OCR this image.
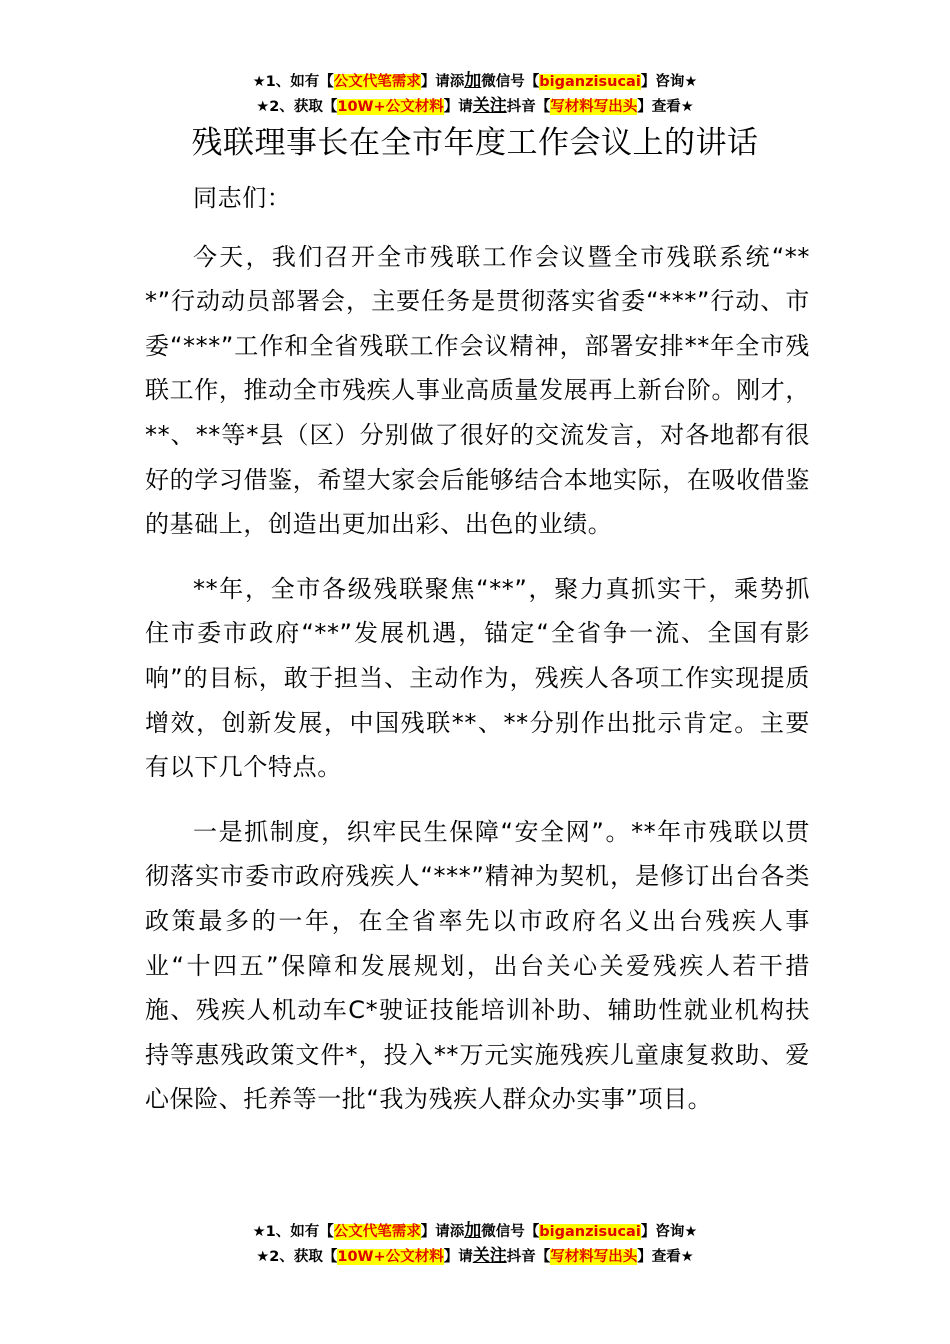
★1、如有【公文代笔需求】请添加微信号【biganzisucai】咨询★
★2、获取【10W+公文材料】请关注抖音【写材料写出头】查看★
残联理事长在全市年度工作会议上的讲话

同志们：

今天，我们召开全市残联工作会议暨全市残联系统“***”行动动员部署会，主要任务是贯彻落实省委“***”行动、市委“***”工作和全省残联工作会议精神，部署安排**年全市残联工作，推动全市残疾人事业高质量发展再上新台阶。刚才，**、**等*县（区）分别做了很好的交流发言，对各地都有很好的学习借鉴，希望大家会后能够结合本地实际，在吸收借鉴的基础上，创造出更加出彩、出色的业绩。

**年，全市各级残联聚焦“**”，聚力真抓实干，乘势抓住市委市政府“**”发展机遇，锚定“全省争一流、全国有影响”的目标，敢于担当、主动作为，残疾人各项工作实现提质增效，创新发展，中国残联**、**分别作出批示肯定。主要有以下几个特点。

一是抓制度，织牢民生保障“安全网”。**年市残联以贯彻落实市委市政府残疾人“***”精神为契机，是修订出台各类政策最多的一年，在全省率先以市政府名义出台残疾人事业“十四五”保障和发展规划，出台关心关爱残疾人若干措施、残疾人机动车C*驶证技能培训补助、辅助性就业机构扶持等惠残政策文件*，投入**万元实施残疾儿童康复救助、爱心保险、托养等一批“我为残疾人群众办实事”项目。

★1、如有【公文代笔需求】请添加微信号【biganzisucai】咨询★
★2、获取【10W+公文材料】请关注抖音【写材料写出头】查看★
